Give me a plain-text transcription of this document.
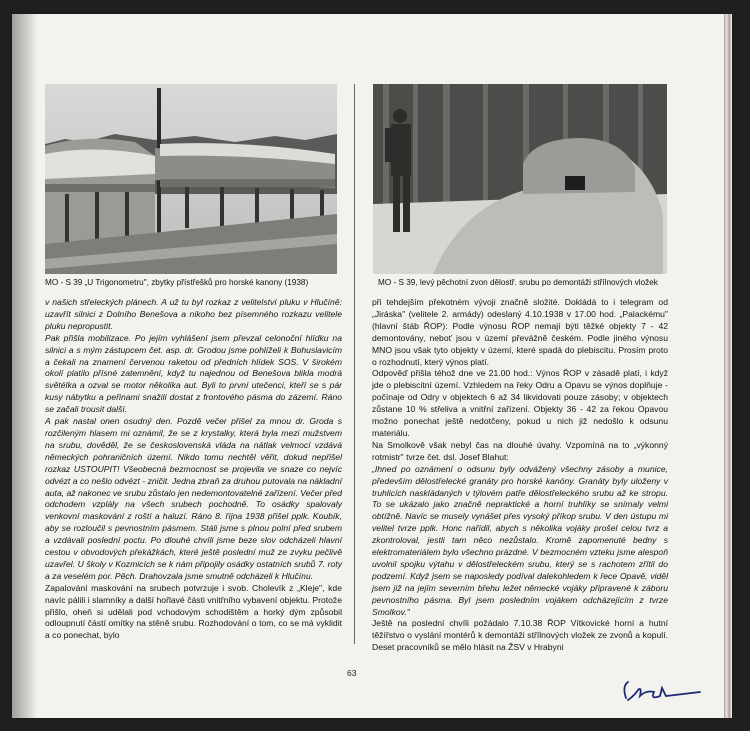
MO - S 39 „U Trigonometru", zbytky přístřešků pro horské kanony (1938)	MO - S 39, levý pěchotní zvon dělostř. srubu po demontáži střílnových vložek

v našich střeleckých plánech. A už tu byl rozkaz z velitelství pluku v Hlučíně: uzavřít silnici z Dolního Benešova a nikoho bez písemného rozkazu velitele pluku nepropustit.

Pak přišla mobilizace. Po jejím vyhlášení jsem převzal celonoční hlídku na silnici a s mým zástupcem čet. asp. dr. Grodou jsme pohlíželi k Bohuslavicím a čekali na znamení červenou raketou od předních hlídek SOS. V širokém okolí platilo přísné zatemnění, když tu najednou od Benešova blikla modrá světélka a ozval se motor několika aut. Byli to první utečenci, kteří se s pár kusy nábytku a peřinami snažili dostat z frontového pásma do zázemí. Ráno se začali trousit další.

A pak nastal onen osudný den. Pozdě večer přišel za mnou dr. Groda s rozčileným hlasem mi oznámil, že se z krystalky, která byla mezi mužstvem na srubu, dověděl, že se československá vláda na nátlak velmocí vzdává německých pohraničních území. Nikdo tomu nechtěl věřit, dokud nepřišel rozkaz USTOUPIT! Všeobecná bezmocnost se projevila ve snaze co nejvíc odvézt a co nešlo odvézt - zničit. Jedna zbraň za druhou putovala na nákladní auta, až nakonec ve srubu zůstalo jen nedemontovatelné zařízení. Večer před odchodem vzplály na všech srubech pochodně. To osádky spalovaly venkovní maskování z roští a haluzí. Ráno 8. října 1938 přišel pplk. Koubík, aby se rozloučil s pevnostním pásmem. Stáli jsme s plnou polní před srubem a vzdávali poslední poctu. Po dlouhé chvíli jsme beze slov odcházeli hlavní cestou v obvodových překážkách, které ještě poslední muž ze zvyku pečlivě uzavřel. U školy v Kozmicích se k nám připojily osádky ostatních srubů 7. roty a za veselém por. Pěch. Drahovzala jsme smutně odcházeli k Hlučínu.

Zapalování maskování na srubech potvrzuje i svob. Cholevík z „Kleje", kde navíc pálili i slamníky a další hořlavé části vnitřního vybavení objektu. Protože přišlo, oheň si udělali pod vchodovým schodištěm a horký dým způsobil odloupnutí částí omítky na stěně srubu. Rozhodování o tom, co se má vyklidit a co ponechat, bylo

při tehdejším překotném vývoji značně složité. Dokládá to i telegram od „Jiráska" (velitele 2. armády) odeslaný 4.10.1938 v 17.00 hod. „Palackému" (hlavní štáb ŘOP): Podle výnosu ŘOP nemají býti těžké objekty 7 - 42 demontovány, neboť jsou v území převážně českém. Podle jiného výnosu MNO jsou však tyto objekty v území, které spadá do plebiscitu. Prosím proto o rozhodnutí, který výnos platí.

Odpověď přišla téhož dne ve 21.00 hod.: Výnos ŘOP v zásadě platí, i když jde o plebiscitní území. Vzhledem na řeky Odru a Opavu se výnos doplňuje - počínaje od Odry v objektech 6 až 34 likvidovati pouze zásoby; v objektech zůstane 10 % střeliva a vnitřní zařízení. Objekty 36 - 42 za řekou Opavou možno ponechat ještě nedotčeny, pokud u nich již nedošlo k odsunu materiálu.

Na Smolkově však nebyl čas na dlouhé úvahy. Vzpomíná na to „výkonný rotmistr" tvrze čet. dsl. Josef Blahut:

„Ihned po oznámení o odsunu byly odvážený všechny zásoby a munice, především dělostřelecké granáty pro horské kanóny. Granáty byly uloženy v truhlicích naskládaných v týlovém patře dělostřeleckého srubu až ke stropu. To se ukázalo jako značně nepraktické a horní truhlíky se snímaly velmi obtížně. Navíc se musely vynášet přes vysoký příkop srubu. V den ústupu mi velitel tvrze pplk. Honc nařídil, abych s několika vojáky prošel celou tvrz a zkontroloval, jestli tam něco nezůstalo. Kromě zapomenuté bedny s elektromateriálem bylo všechno prázdné. V bezmocném vzteku jsme alespoň uvolnil spojku výtahu v dělostřeleckém srubu, který se s rachotem zřítil do podzemí. Když jsem se naposledy podíval dalekohledem k řece Opavě, viděl jsem již na jejím severním břehu ležet německé vojáky připravené k záboru pevnostního pásma. Byl jsem posledním vojákem odcházejícím z tvrze Smolkov."

Ještě na poslední chvíli požádalo 7.10.38 ŘOP Vítkovické horní a hutní těžířstvo o vyslání montérů k demontáži střílnových vložek ze zvonů a kopulí. Deset pracovníků se mělo hlásit na ŽSV v Hrabyni

63
